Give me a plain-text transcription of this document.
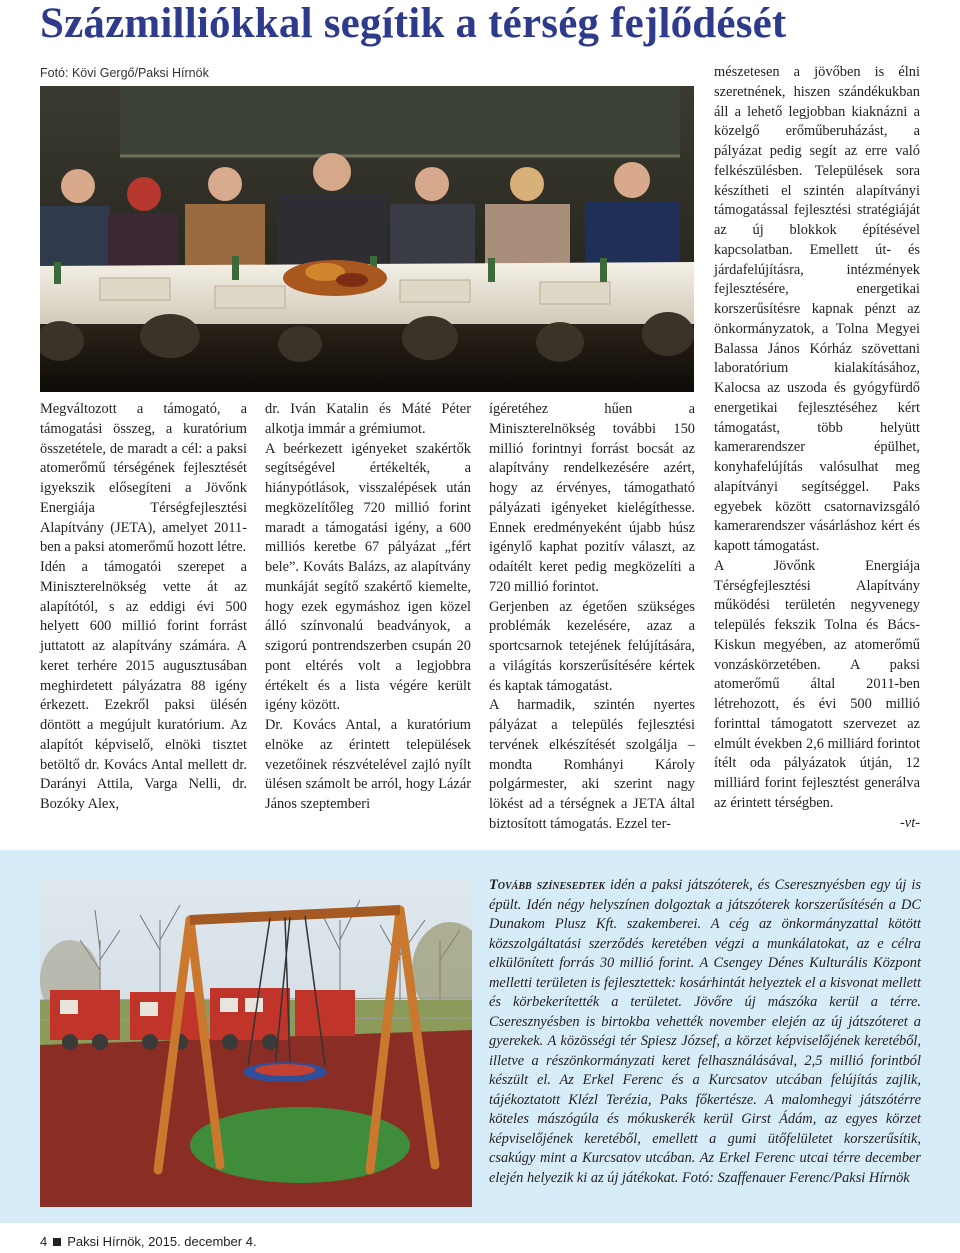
Százmilliókkal segítik a térség fejlődését
Fotó: Kövi Gergő/Paksi Hírnök

Megváltozott a támogató, a támogatási összeg, a kuratórium összetétele, de maradt a cél: a paksi atomerőmű térségének fejlesztését igyekszik elősegíteni a Jövőnk Energiája Térségfejlesztési Alapítvány (JETA), amelyet 2011-ben a paksi atomerőmű hozott létre.

Idén a támogatói szerepet a Miniszterelnökség vette át az alapítótól, s az eddigi évi 500 helyett 600 millió forint forrást juttatott az alapítvány számára. A keret terhére 2015 augusztusában meghirdetett pályázatra 88 igény érkezett. Ezekről paksi ülésén döntött a megújult kuratórium. Az alapítót képviselő, elnöki tisztet betöltő dr. Kovács Antal mellett dr. Darányi Attila, Varga Nelli, dr. Bozóky Alex,

dr. Iván Katalin és Máté Péter alkotja immár a grémiumot.

A beérkezett igényeket szakértők segítségével értékelték, a hiánypótlások, visszalépések után megközelítőleg 720 millió forint maradt a támogatási igény, a 600 milliós keretbe 67 pályázat „fért bele”. Kováts Balázs, az alapítvány munkáját segítő szakértő kiemelte, hogy ezek egymáshoz igen közel álló színvonalú beadványok, a szigorú pontrendszerben csupán 20 pont eltérés volt a legjobbra értékelt és a lista végére került igény között.

Dr. Kovács Antal, a kuratórium elnöke az érintett települések vezetőinek részvételével zajló nyílt ülésen számolt be arról, hogy Lázár János szeptemberi

ígéretéhez hűen a Miniszterelnökség további 150 millió forintnyi forrást bocsát az alapítvány rendelkezésére azért, hogy az érvényes, támogatható pályázati igényeket kielégíthesse. Ennek eredményeként újabb húsz igénylő kaphat pozitív választ, az odaítélt keret pedig megközelíti a 720 millió forintot.

Gerjenben az égetően szükséges problémák kezelésére, azaz a sportcsarnok tetejének felújítására, a világítás korszerűsítésére kértek és kaptak támogatást.

A harmadik, szintén nyertes pályázat a település fejlesztési tervének elkészítését szolgálja – mondta Romhányi Károly polgármester, aki szerint nagy lökést ad a térségnek a JETA által biztosított támogatás. Ezzel ter-

mészetesen a jövőben is élni szeretnének, hiszen szándékukban áll a lehető legjobban kiaknázni a közelgő erőműberuházást, a pályázat pedig segít az erre való felkészülésben. Települések sora készítheti el szintén alapítványi támogatással fejlesztési stratégiáját az új blokkok építésével kapcsolatban. Emellett út- és járdafelújításra, intézmények fejlesztésére, energetikai korszerűsítésre kapnak pénzt az önkormányzatok, a Tolna Megyei Balassa János Kórház szövettani laboratórium kialakításához, Kalocsa az uszoda és gyógyfürdő energetikai fejlesztéséhez kért támogatást, több helyütt kamerarendszer épülhet, konyhafelújítás valósulhat meg alapítványi segítséggel. Paks egyebek között csatornavizsgáló kamerarendszer vásárláshoz kért és kapott támogatást.

A Jövőnk Energiája Térségfejlesztési Alapítvány működési területén negyvenegy település fekszik Tolna és Bács-Kiskun megyében, az atomerőmű vonzáskörzetében. A paksi atomerőmű által 2011-ben létrehozott, és évi 500 millió forinttal támogatott szervezet az elmúlt években 2,6 milliárd forintot ítélt oda pályázatok útján, 12 milliárd forint fejlesztést generálva az érintett térségben.

-vt-

Tovább színesedtek idén a paksi játszóterek, és Cseresznyésben egy új is épült. Idén négy helyszínen dolgoztak a játszóterek korszerűsítésén a DC Dunakom Plusz Kft. szakemberei. A cég az önkormányzattal kötött közszolgáltatási szerződés keretében végzi a munkálatokat, az e célra elkülönített forrás 30 millió forint. A Csengey Dénes Kulturális Központ melletti területen is fejlesztettek: kosárhintát helyeztek el a kisvonat mellett és körbekerítették a területet. Jövőre új mászóka kerül a térre. Cseresznyésben is birtokba vehették november elején az új játszóteret a gyerekek. A közösségi tér Spiesz József, a körzet képviselőjének keretéből, illetve a részönkormányzati keret felhasználásával, 2,5 millió forintból készült el. Az Erkel Ferenc és a Kurcsatov utcában felújítás zajlik, tájékoztatott Klézl Terézia, Paks főkertésze. A malomhegyi játszótérre köteles mászógúla és mókuskerék kerül Girst Ádám, az egyes körzet képviselőjének keretéből, emellett a gumi ütőfelületet korszerűsítik, csakúgy mint a Kurcsatov utcában. Az Erkel Ferenc utcai térre december elején helyezik ki az új játékokat. Fotó: Szaffenauer Ferenc/Paksi Hírnök
4 Paksi Hírnök, 2015. december 4.
